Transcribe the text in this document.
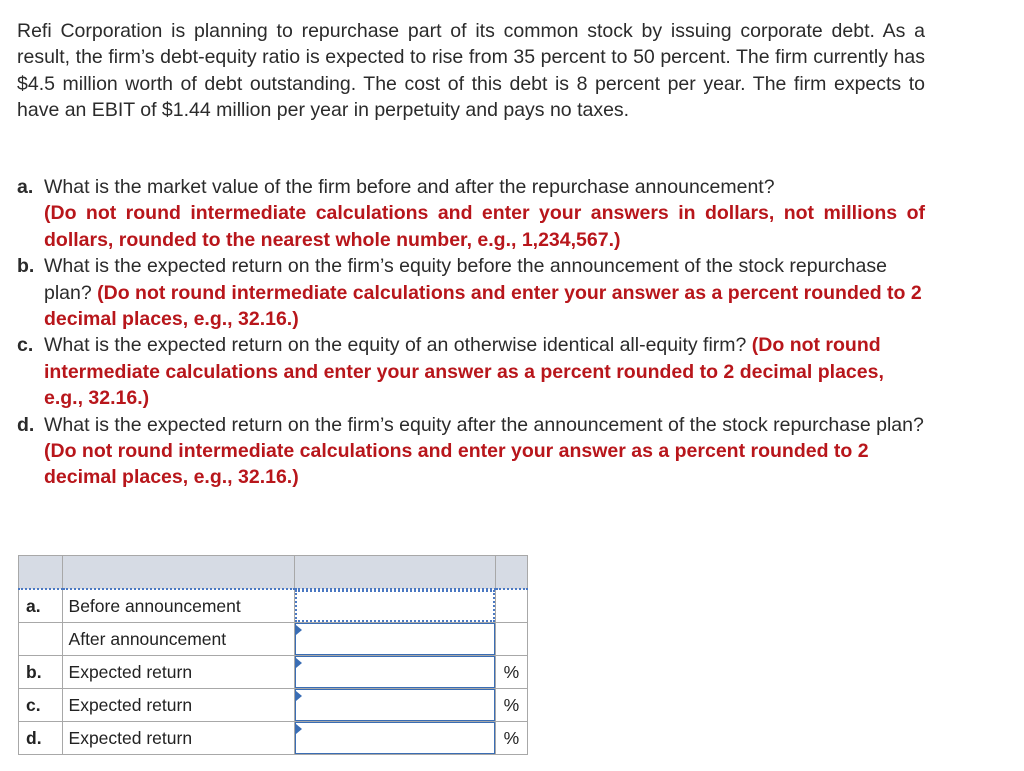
Refi Corporation is planning to repurchase part of its common stock by issuing corporate debt. As a result, the firm’s debt-equity ratio is expected to rise from 35 percent to 50 percent. The firm currently has $4.5 million worth of debt outstanding. The cost of this debt is 8 percent per year. The firm expects to have an EBIT of $1.44 million per year in perpetuity and pays no taxes.

a. What is the market value of the firm before and after the repurchase announcement?
(Do not round intermediate calculations and enter your answers in dollars, not millions of dollars, rounded to the nearest whole number, e.g., 1,234,567.)
b. What is the expected return on the firm’s equity before the announcement of the stock repurchase plan? (Do not round intermediate calculations and enter your answer as a percent rounded to 2 decimal places, e.g., 32.16.)
c. What is the expected return on the equity of an otherwise identical all-equity firm? (Do not round intermediate calculations and enter your answer as a percent rounded to 2 decimal places, e.g., 32.16.)
d. What is the expected return on the firm’s equity after the announcement of the stock repurchase plan? (Do not round intermediate calculations and enter your answer as a percent rounded to 2 decimal places, e.g., 32.16.)

a.	Before announcement	

	After announcement	

b.	Expected return		%
c.	Expected return		%
d.	Expected return		%
